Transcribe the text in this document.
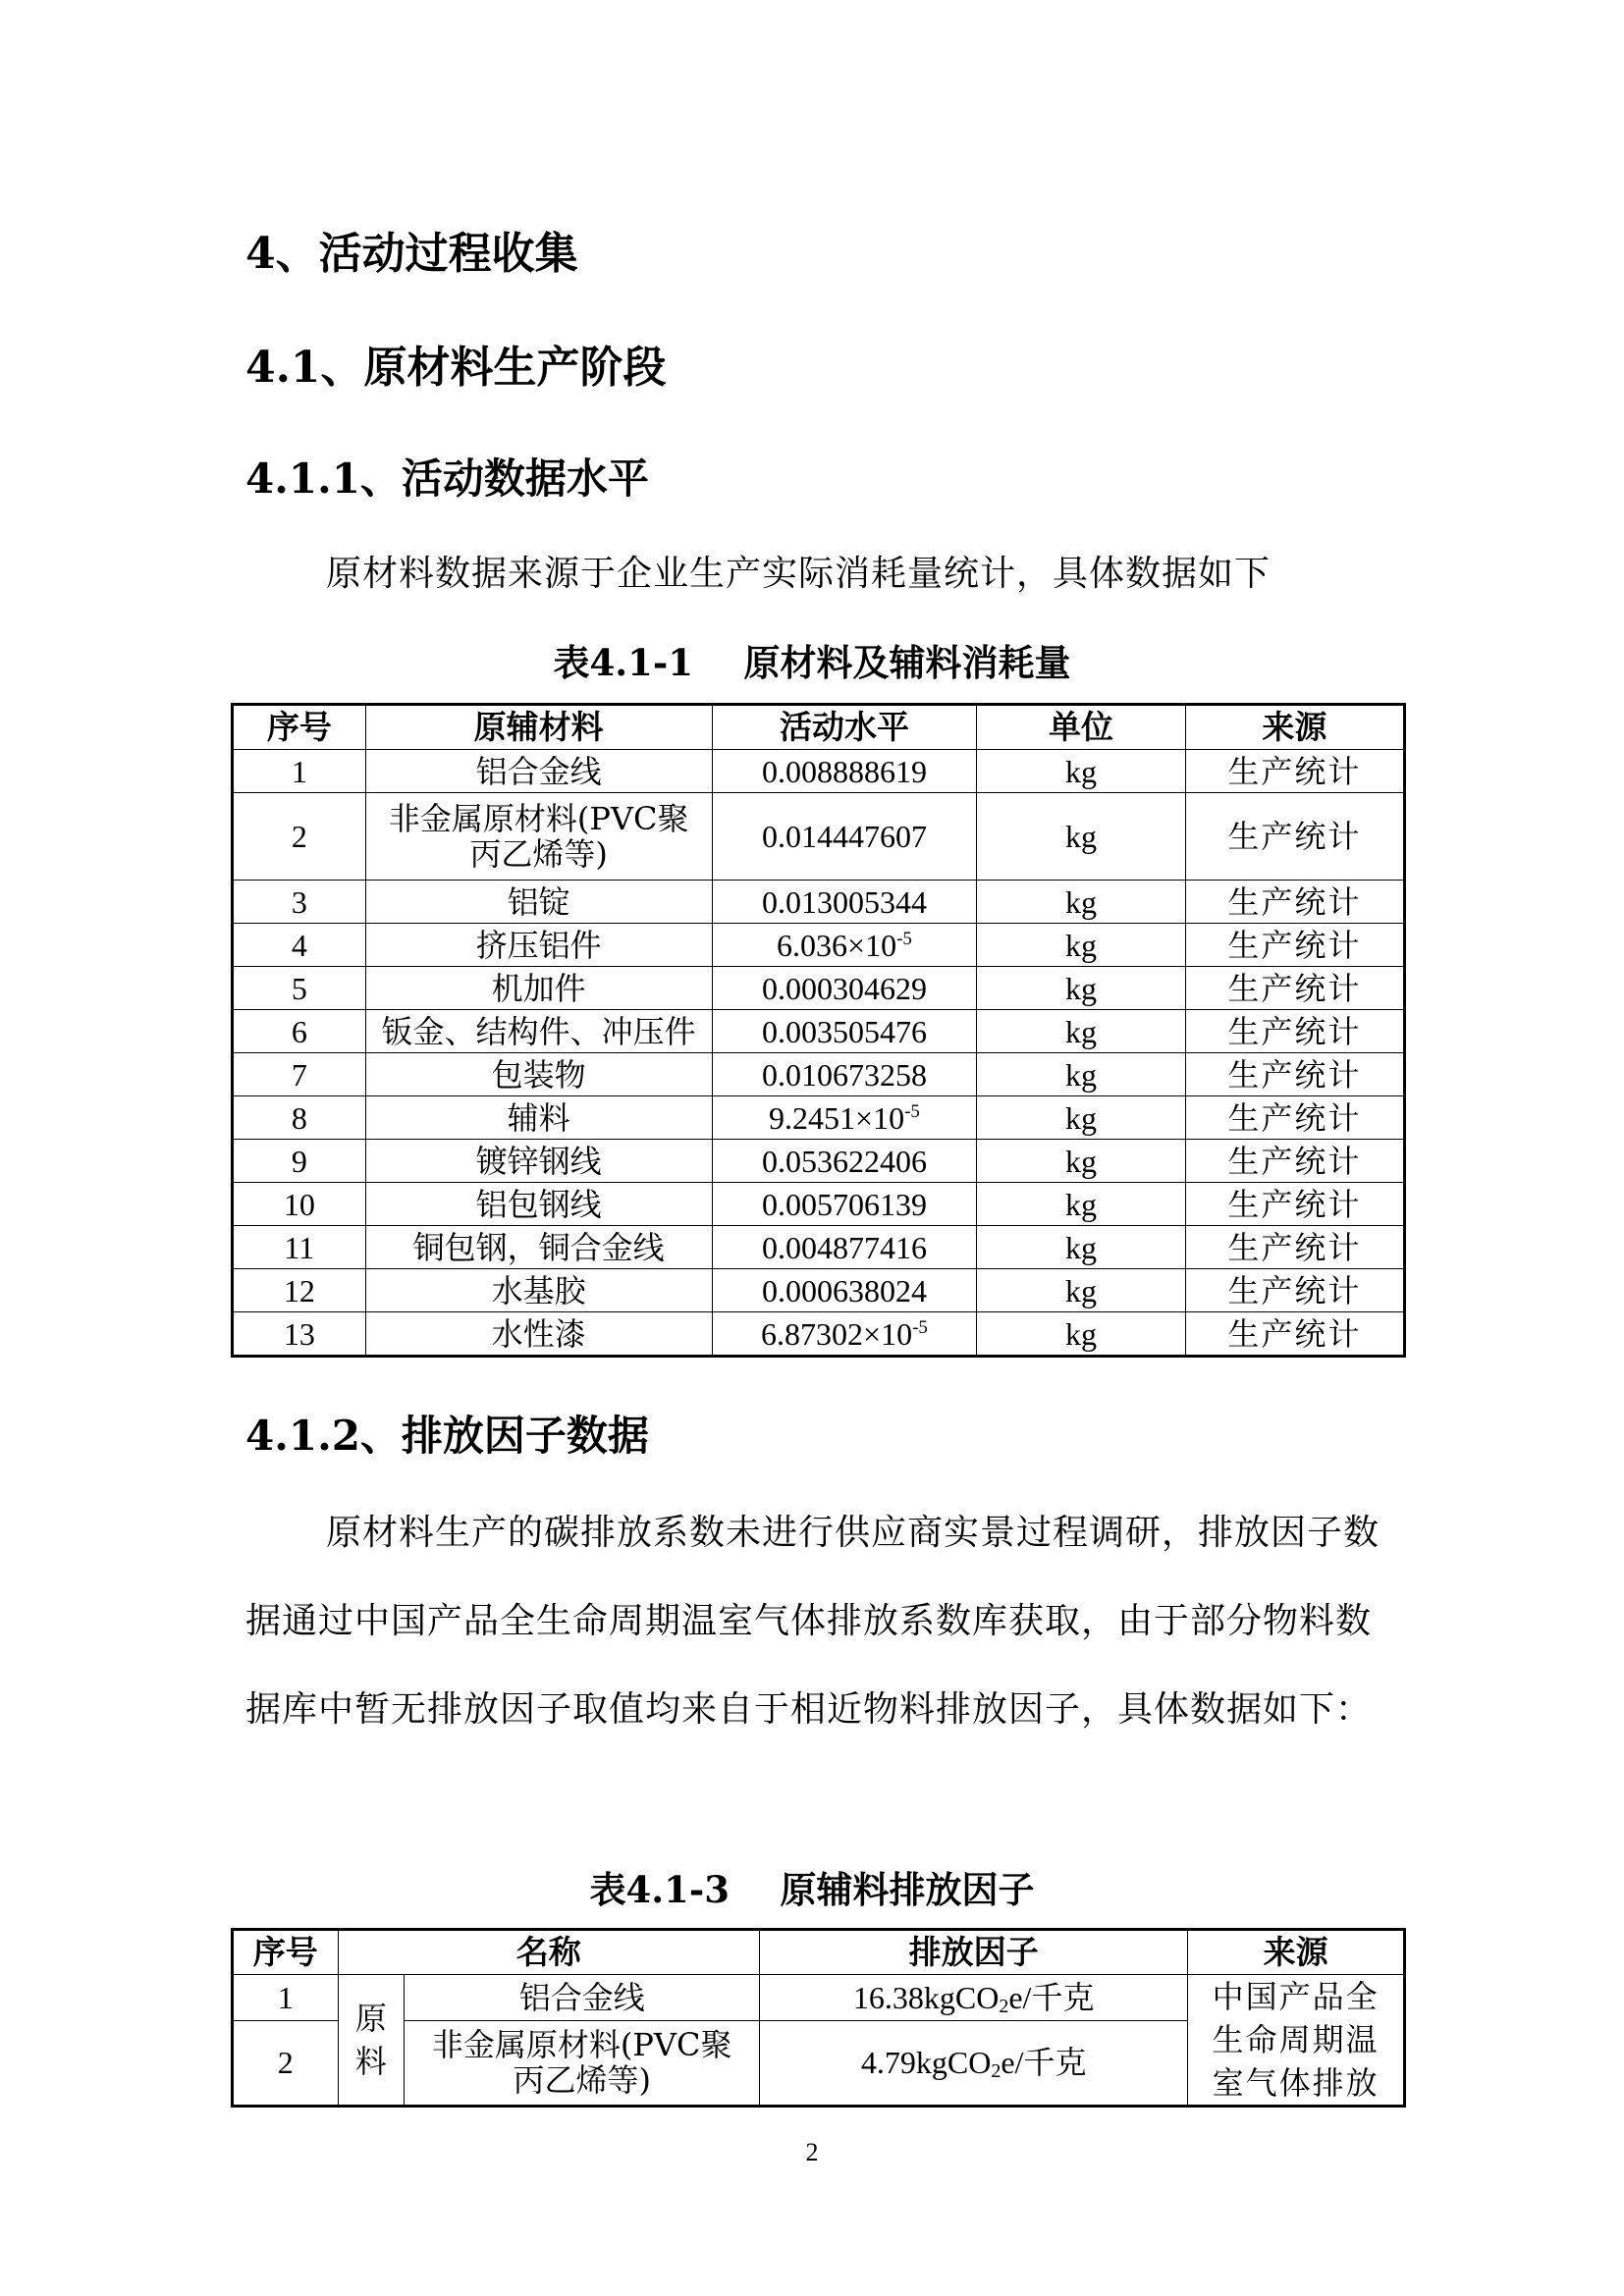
4、活动过程收集
4.1、原材料生产阶段
4.1.1、活动数据水平
原材料数据来源于企业生产实际消耗量统计，具体数据如下
表4.1-1    原材料及辅料消耗量
序号	原辅材料	活动水平	单位	来源
1	铝合金线	0.008888619	kg	生产统计
2	非金属原材料(PVC聚丙乙烯等)	0.014447607	kg	生产统计
3	铝锭	0.013005344	kg	生产统计
4	挤压铝件	$6.036\times 10^{-5}$	kg	生产统计
5	机加件	0.000304629	kg	生产统计
6	钣金、结构件、冲压件	0.003505476	kg	生产统计
7	包装物	0.010673258	kg	生产统计
8	辅料	$9.2451\times 10^{-5}$	kg	生产统计
9	镀锌钢线	0.053622406	kg	生产统计
10	铝包钢线	0.005706139	kg	生产统计
11	铜包钢，铜合金线	0.004877416	kg	生产统计
12	水基胶	0.000638024	kg	生产统计
13	水性漆	$6.87302\times 10^{-5}$	kg	生产统计
4.1.2、排放因子数据
原材料生产的碳排放系数未进行供应商实景过程调研，排放因子数据通过中国产品全生命周期温室气体排放系数库获取，由于部分物料数据库中暂无排放因子取值均来自于相近物料排放因子，具体数据如下：
表4.1-3    原辅料排放因子
序号	名称		排放因子	来源
1	原料	铝合金线	16.38kgCO$_2$e/千克	中国产品全生命周期温室气体排放
2		非金属原材料(PVC聚丙乙烯等)	4.79kgCO$_2$e/千克	
2
